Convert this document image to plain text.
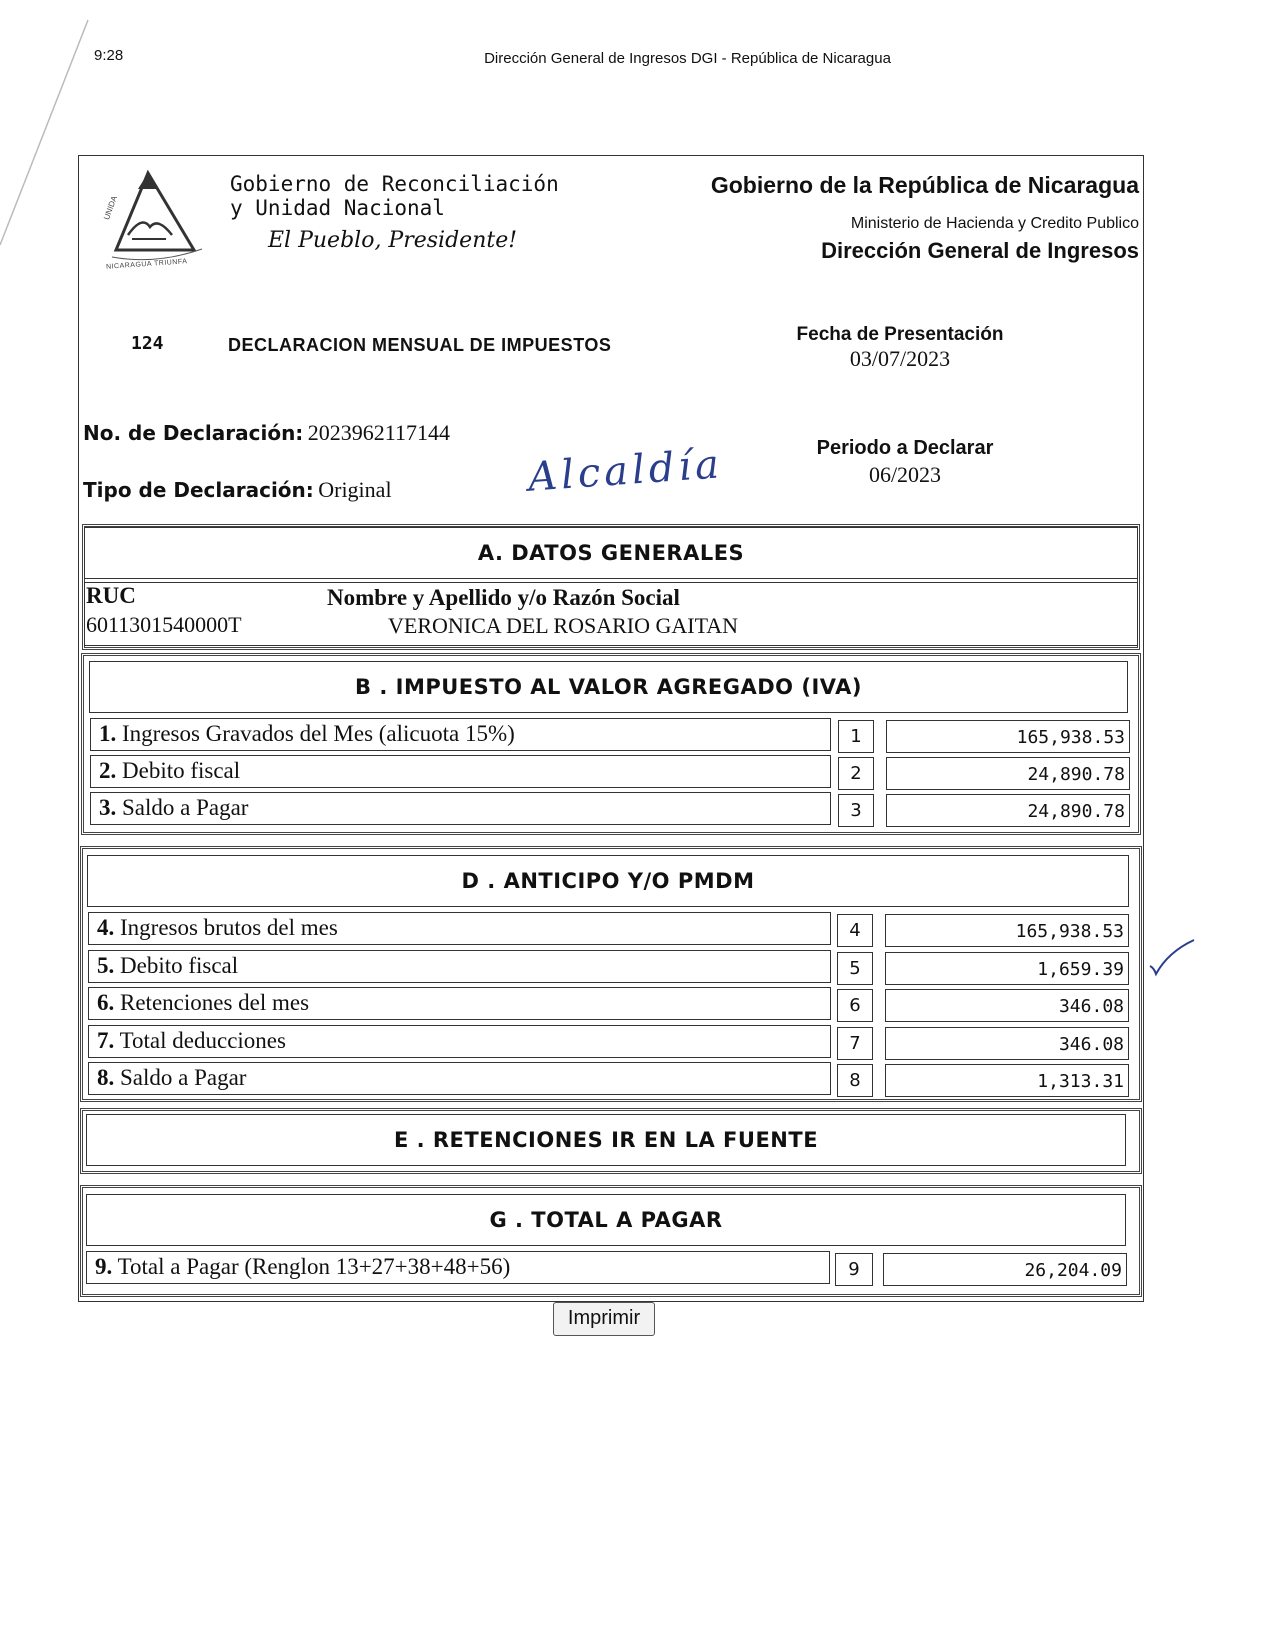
9:28	Dirección General de Ingresos DGI - República de Nicaragua
UNIDA
NICARAGUA TRIUNFA
Gobierno de Reconciliación
y Unidad Nacional
El Pueblo, Presidente!
Gobierno de la República de Nicaragua
Ministerio de Hacienda y Credito Publico
Dirección General de Ingresos
124	DECLARACION MENSUAL DE IMPUESTOS	Fecha de Presentación
03/07/2023
No. de Declaración: 2023962117144
Tipo de Declaración: Original
Periodo a Declarar
06/2023
Alcaldía
A. DATOS GENERALES
RUC
6011301540000T
Nombre y Apellido y/o Razón Social
VERONICA DEL ROSARIO GAITAN
B . IMPUESTO AL VALOR AGREGADO (IVA)
1. Ingresos Gravados del Mes (alicuota 15%)	1	165,938.53
2. Debito fiscal	2	24,890.78
3. Saldo a Pagar	3	24,890.78
D . ANTICIPO Y/O PMDM
4. Ingresos brutos del mes	4	165,938.53
5. Debito fiscal	5	1,659.39
6. Retenciones del mes	6	346.08
7. Total deducciones	7	346.08
8. Saldo a Pagar	8	1,313.31
E . RETENCIONES IR EN LA FUENTE
G . TOTAL A PAGAR
9. Total a Pagar (Renglon 13+27+38+48+56)	9	26,204.09
Imprimir
